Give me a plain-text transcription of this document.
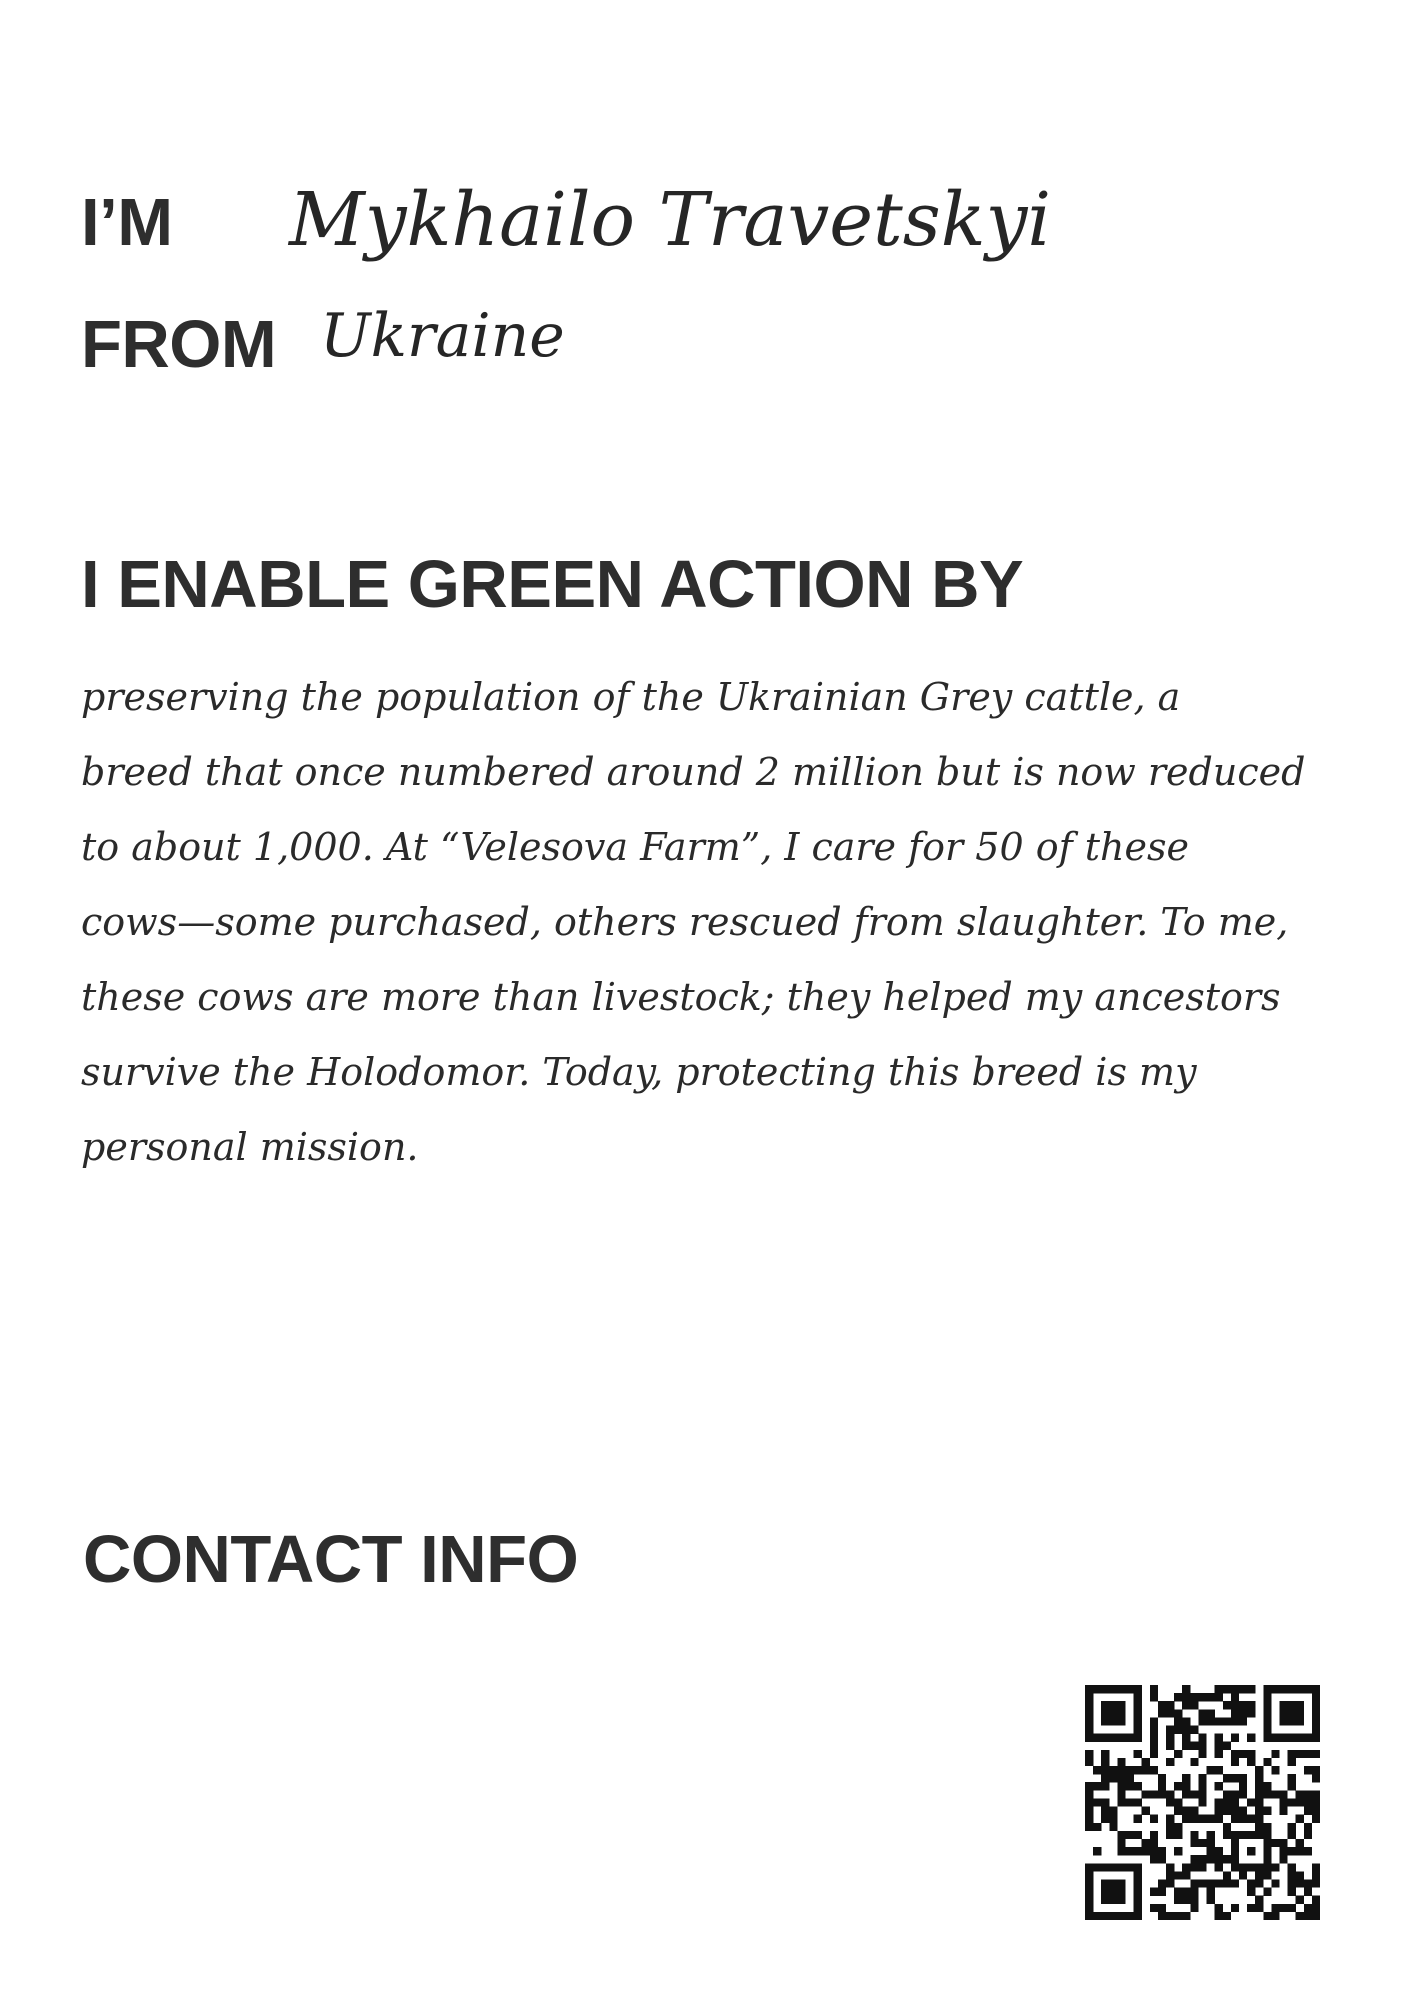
I’M Mykhailo Travetskyi
FROM Ukraine
I ENABLE GREEN ACTION BY

preserving the population of the Ukrainian Grey cattle, a
breed that once numbered around 2 million but is now reduced
to about 1,000. At “Velesova Farm”, I care for 50 of these
cows—some purchased, others rescued from slaughter. To me,
these cows are more than livestock; they helped my ancestors
survive the Holodomor. Today, protecting this breed is my
personal mission.

CONTACT INFO
